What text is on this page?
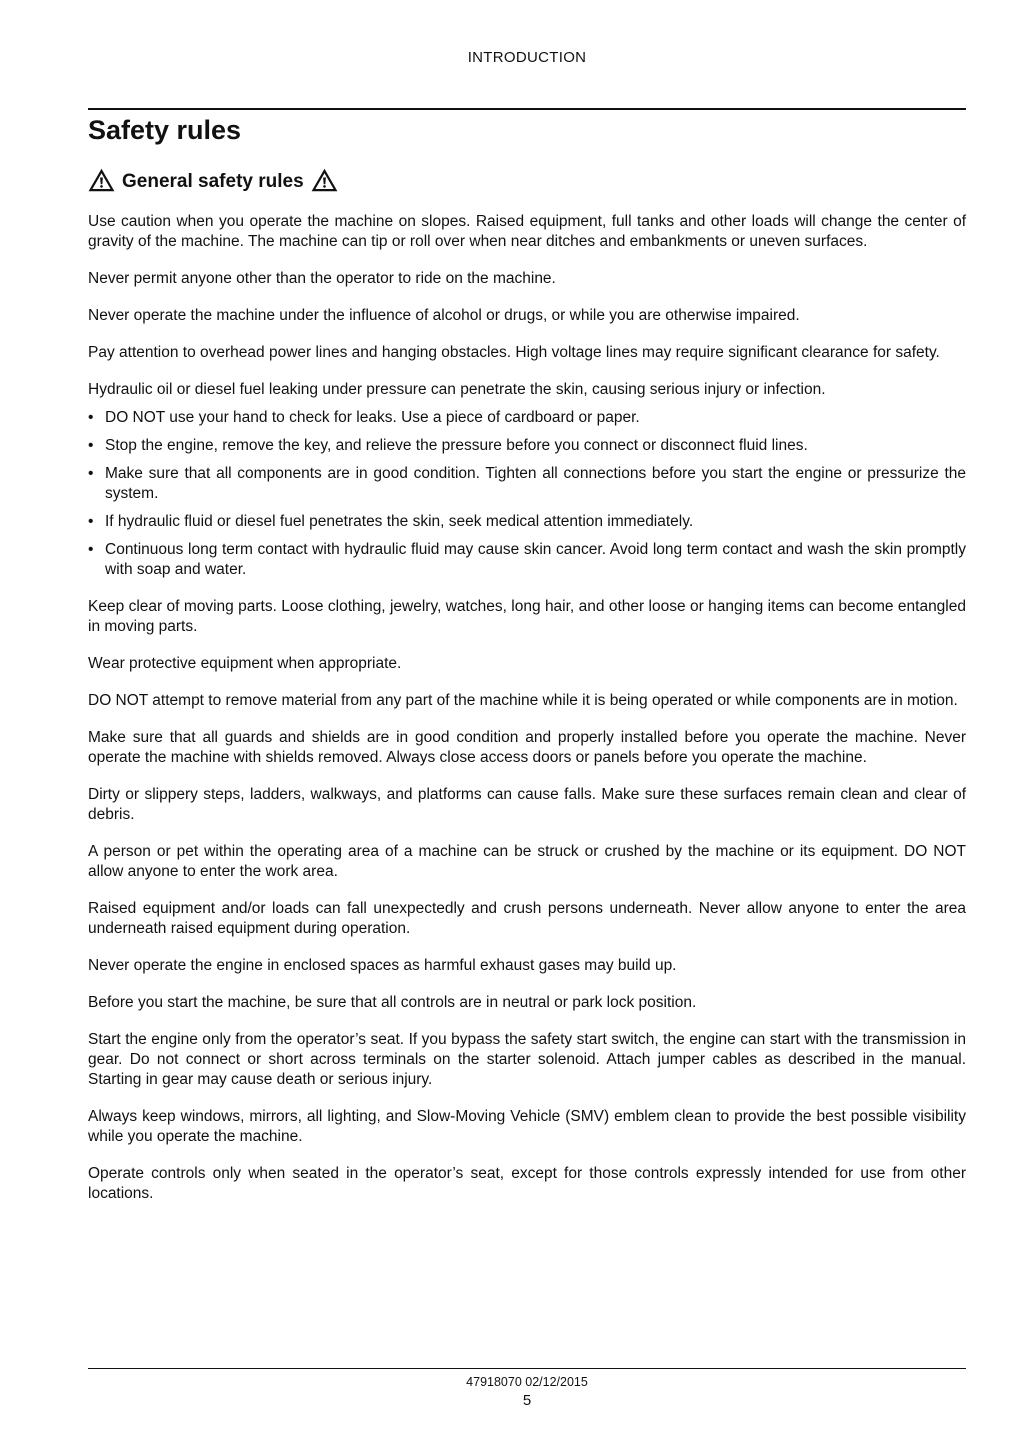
INTRODUCTION
Safety rules
General safety rules

Use caution when you operate the machine on slopes. Raised equipment, full tanks and other loads will change the center of gravity of the machine. The machine can tip or roll over when near ditches and embankments or uneven surfaces.

Never permit anyone other than the operator to ride on the machine.

Never operate the machine under the influence of alcohol or drugs, or while you are otherwise impaired.

Pay attention to overhead power lines and hanging obstacles. High voltage lines may require significant clearance for safety.

Hydraulic oil or diesel fuel leaking under pressure can penetrate the skin, causing serious injury or infection.

• DO NOT use your hand to check for leaks. Use a piece of cardboard or paper.
• Stop the engine, remove the key, and relieve the pressure before you connect or disconnect fluid lines.
• Make sure that all components are in good condition. Tighten all connections before you start the engine or pressurize the system.
• If hydraulic fluid or diesel fuel penetrates the skin, seek medical attention immediately.
• Continuous long term contact with hydraulic fluid may cause skin cancer. Avoid long term contact and wash the skin promptly with soap and water.

Keep clear of moving parts. Loose clothing, jewelry, watches, long hair, and other loose or hanging items can become entangled in moving parts.

Wear protective equipment when appropriate.

DO NOT attempt to remove material from any part of the machine while it is being operated or while components are in motion.

Make sure that all guards and shields are in good condition and properly installed before you operate the machine. Never operate the machine with shields removed. Always close access doors or panels before you operate the machine.

Dirty or slippery steps, ladders, walkways, and platforms can cause falls. Make sure these surfaces remain clean and clear of debris.

A person or pet within the operating area of a machine can be struck or crushed by the machine or its equipment. DO NOT allow anyone to enter the work area.

Raised equipment and/or loads can fall unexpectedly and crush persons underneath. Never allow anyone to enter the area underneath raised equipment during operation.

Never operate the engine in enclosed spaces as harmful exhaust gases may build up.

Before you start the machine, be sure that all controls are in neutral or park lock position.

Start the engine only from the operator’s seat. If you bypass the safety start switch, the engine can start with the transmission in gear. Do not connect or short across terminals on the starter solenoid. Attach jumper cables as described in the manual. Starting in gear may cause death or serious injury.

Always keep windows, mirrors, all lighting, and Slow-Moving Vehicle (SMV) emblem clean to provide the best possible visibility while you operate the machine.

Operate controls only when seated in the operator’s seat, except for those controls expressly intended for use from other locations.

47918070 02/12/2015
5
